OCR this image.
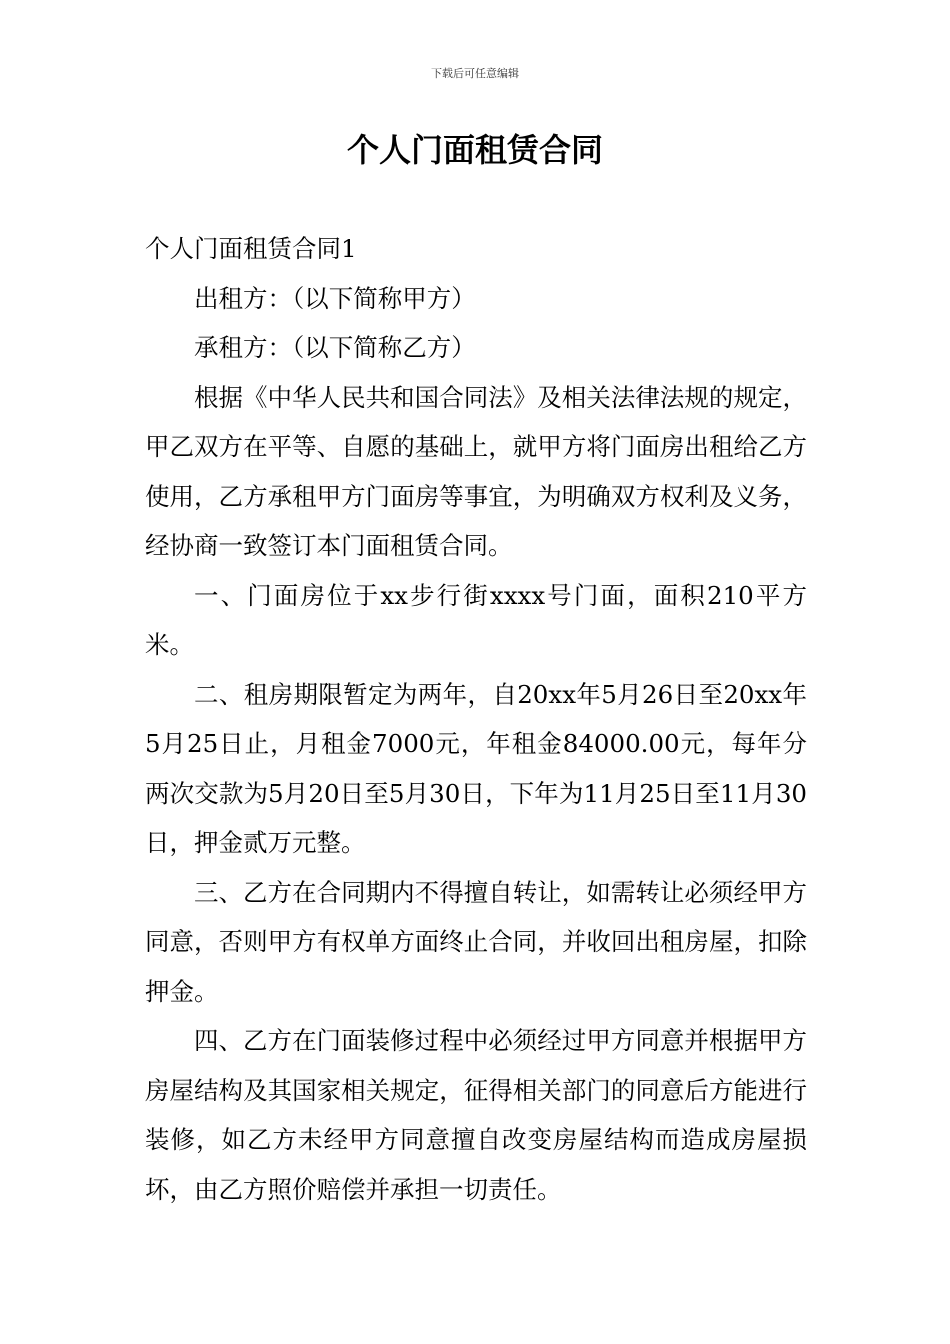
下载后可任意编辑
个人门面租赁合同

个人门面租赁合同1

出租方：（以下简称甲方）

承租方：（以下简称乙方）

根据《中华人民共和国合同法》及相关法律法规的规定，甲乙双方在平等、自愿的基础上，就甲方将门面房出租给乙方使用，乙方承租甲方门面房等事宜，为明确双方权利及义务，经协商一致签订本门面租赁合同。

一、门面房位于xx步行街xxxx号门面，面积210平方米。

二、租房期限暂定为两年，自20xx年5月26日至20xx年5月25日止，月租金7000元，年租金84000.00元，每年分两次交款为5月20日至5月30日，下年为11月25日至11月30日，押金贰万元整。

三、乙方在合同期内不得擅自转让，如需转让必须经甲方同意，否则甲方有权单方面终止合同，并收回出租房屋，扣除押金。

四、乙方在门面装修过程中必须经过甲方同意并根据甲方房屋结构及其国家相关规定，征得相关部门的同意后方能进行装修，如乙方未经甲方同意擅自改变房屋结构而造成房屋损坏，由乙方照价赔偿并承担一切责任。
